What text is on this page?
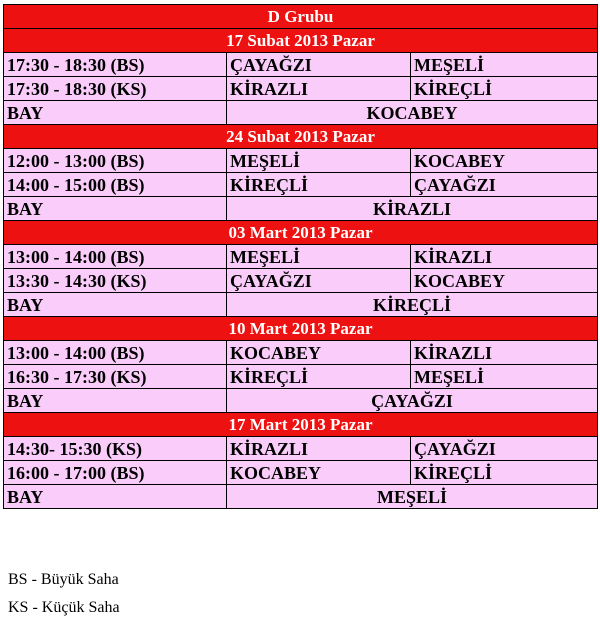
D Grubu		
17 Subat 2013 Pazar		
17:30 - 18:30 (BS)	ÇAYAĞZI	MEŞELİ
17:30 - 18:30 (KS)	KİRAZLI	KİREÇLİ
BAY	KOCABEY	
24 Subat 2013 Pazar		
12:00 - 13:00 (BS)	MEŞELİ	KOCABEY
14:00 - 15:00 (BS)	KİREÇLİ	ÇAYAĞZI
BAY	KİRAZLI	
03 Mart 2013 Pazar		
13:00 - 14:00 (BS)	MEŞELİ	KİRAZLI
13:30 - 14:30 (KS)	ÇAYAĞZI	KOCABEY
BAY	KİREÇLİ	
10 Mart 2013 Pazar		
13:00 - 14:00 (BS)	KOCABEY	KİRAZLI
16:30 - 17:30 (KS)	KİREÇLİ	MEŞELİ
BAY	ÇAYAĞZI	
17 Mart 2013 Pazar		
14:30- 15:30 (KS)	KİRAZLI	ÇAYAĞZI
16:00 - 17:00 (BS)	KOCABEY	KİREÇLİ
BAY	MEŞELİ	
BS - Büyük Saha
KS - Küçük Saha
